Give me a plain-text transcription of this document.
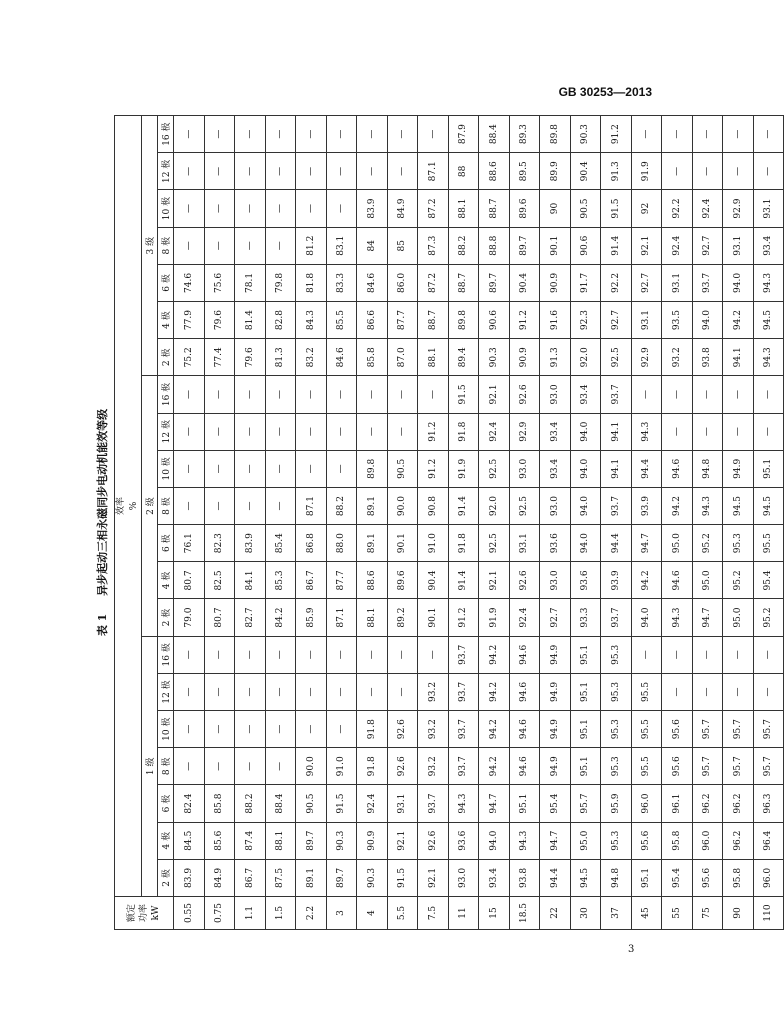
GB 30253—2013
表 1 异步起动三相永磁同步电动机能效等级
额定 功率 kW	效率 %																				
	1 级							2 级							3 级						
	2 极	4 极	6 极	8 极	10 极	12 极	16 极	2 极	4 极	6 极	8 极	10 极	12 极	16 极	2 极	4 极	6 极	8 极	10 极	12 极	16 极
0.55	83.9	84.5	82.4	—	—	—	—	79.0	80.7	76.1	—	—	—	—	75.2	77.9	74.6	—	—	—	—
0.75	84.9	85.6	85.8	—	—	—	—	80.7	82.5	82.3	—	—	—	—	77.4	79.6	75.6	—	—	—	—
1.1	86.7	87.4	88.2	—	—	—	—	82.7	84.1	83.9	—	—	—	—	79.6	81.4	78.1	—	—	—	—
1.5	87.5	88.1	88.4	—	—	—	—	84.2	85.3	85.4	—	—	—	—	81.3	82.8	79.8	—	—	—	—
2.2	89.1	89.7	90.5	90.0	—	—	—	85.9	86.7	86.8	87.1	—	—	—	83.2	84.3	81.8	81.2	—	—	—
3	89.7	90.3	91.5	91.0	—	—	—	87.1	87.7	88.0	88.2	—	—	—	84.6	85.5	83.3	83.1	—	—	—
4	90.3	90.9	92.4	91.8	91.8	—	—	88.1	88.6	89.1	89.1	89.8	—	—	85.8	86.6	84.6	84	83.9	—	—
5.5	91.5	92.1	93.1	92.6	92.6	—	—	89.2	89.6	90.1	90.0	90.5	—	—	87.0	87.7	86.0	85	84.9	—	—
7.5	92.1	92.6	93.7	93.2	93.2	93.2	—	90.1	90.4	91.0	90.8	91.2	91.2	—	88.1	88.7	87.2	87.3	87.2	87.1	—
11	93.0	93.6	94.3	93.7	93.7	93.7	93.7	91.2	91.4	91.8	91.4	91.9	91.8	91.5	89.4	89.8	88.7	88.2	88.1	88	87.9
15	93.4	94.0	94.7	94.2	94.2	94.2	94.2	91.9	92.1	92.5	92.0	92.5	92.4	92.1	90.3	90.6	89.7	88.8	88.7	88.6	88.4
18.5	93.8	94.3	95.1	94.6	94.6	94.6	94.6	92.4	92.6	93.1	92.5	93.0	92.9	92.6	90.9	91.2	90.4	89.7	89.6	89.5	89.3
22	94.4	94.7	95.4	94.9	94.9	94.9	94.9	92.7	93.0	93.6	93.0	93.4	93.4	93.0	91.3	91.6	90.9	90.1	90	89.9	89.8
30	94.5	95.0	95.7	95.1	95.1	95.1	95.1	93.3	93.6	94.0	94.0	94.0	94.0	93.4	92.0	92.3	91.7	90.6	90.5	90.4	90.3
37	94.8	95.3	95.9	95.3	95.3	95.3	95.3	93.7	93.9	94.4	93.7	94.1	94.1	93.7	92.5	92.7	92.2	91.4	91.5	91.3	91.2
45	95.1	95.6	96.0	95.5	95.5	95.5	—	94.0	94.2	94.7	93.9	94.4	94.3	—	92.9	93.1	92.7	92.1	92	91.9	—
55	95.4	95.8	96.1	95.6	95.6	—	—	94.3	94.6	95.0	94.2	94.6	—	—	93.2	93.5	93.1	92.4	92.2	—	—
75	95.6	96.0	96.2	95.7	95.7	—	—	94.7	95.0	95.2	94.3	94.8	—	—	93.8	94.0	93.7	92.7	92.4	—	—
90	95.8	96.2	96.2	95.7	95.7	—	—	95.0	95.2	95.3	94.5	94.9	—	—	94.1	94.2	94.0	93.1	92.9	—	—
110	96.0	96.4	96.3	95.7	95.7	—	—	95.2	95.4	95.5	94.5	95.1	—	—	94.3	94.5	94.3	93.4	93.1	—	—
3
